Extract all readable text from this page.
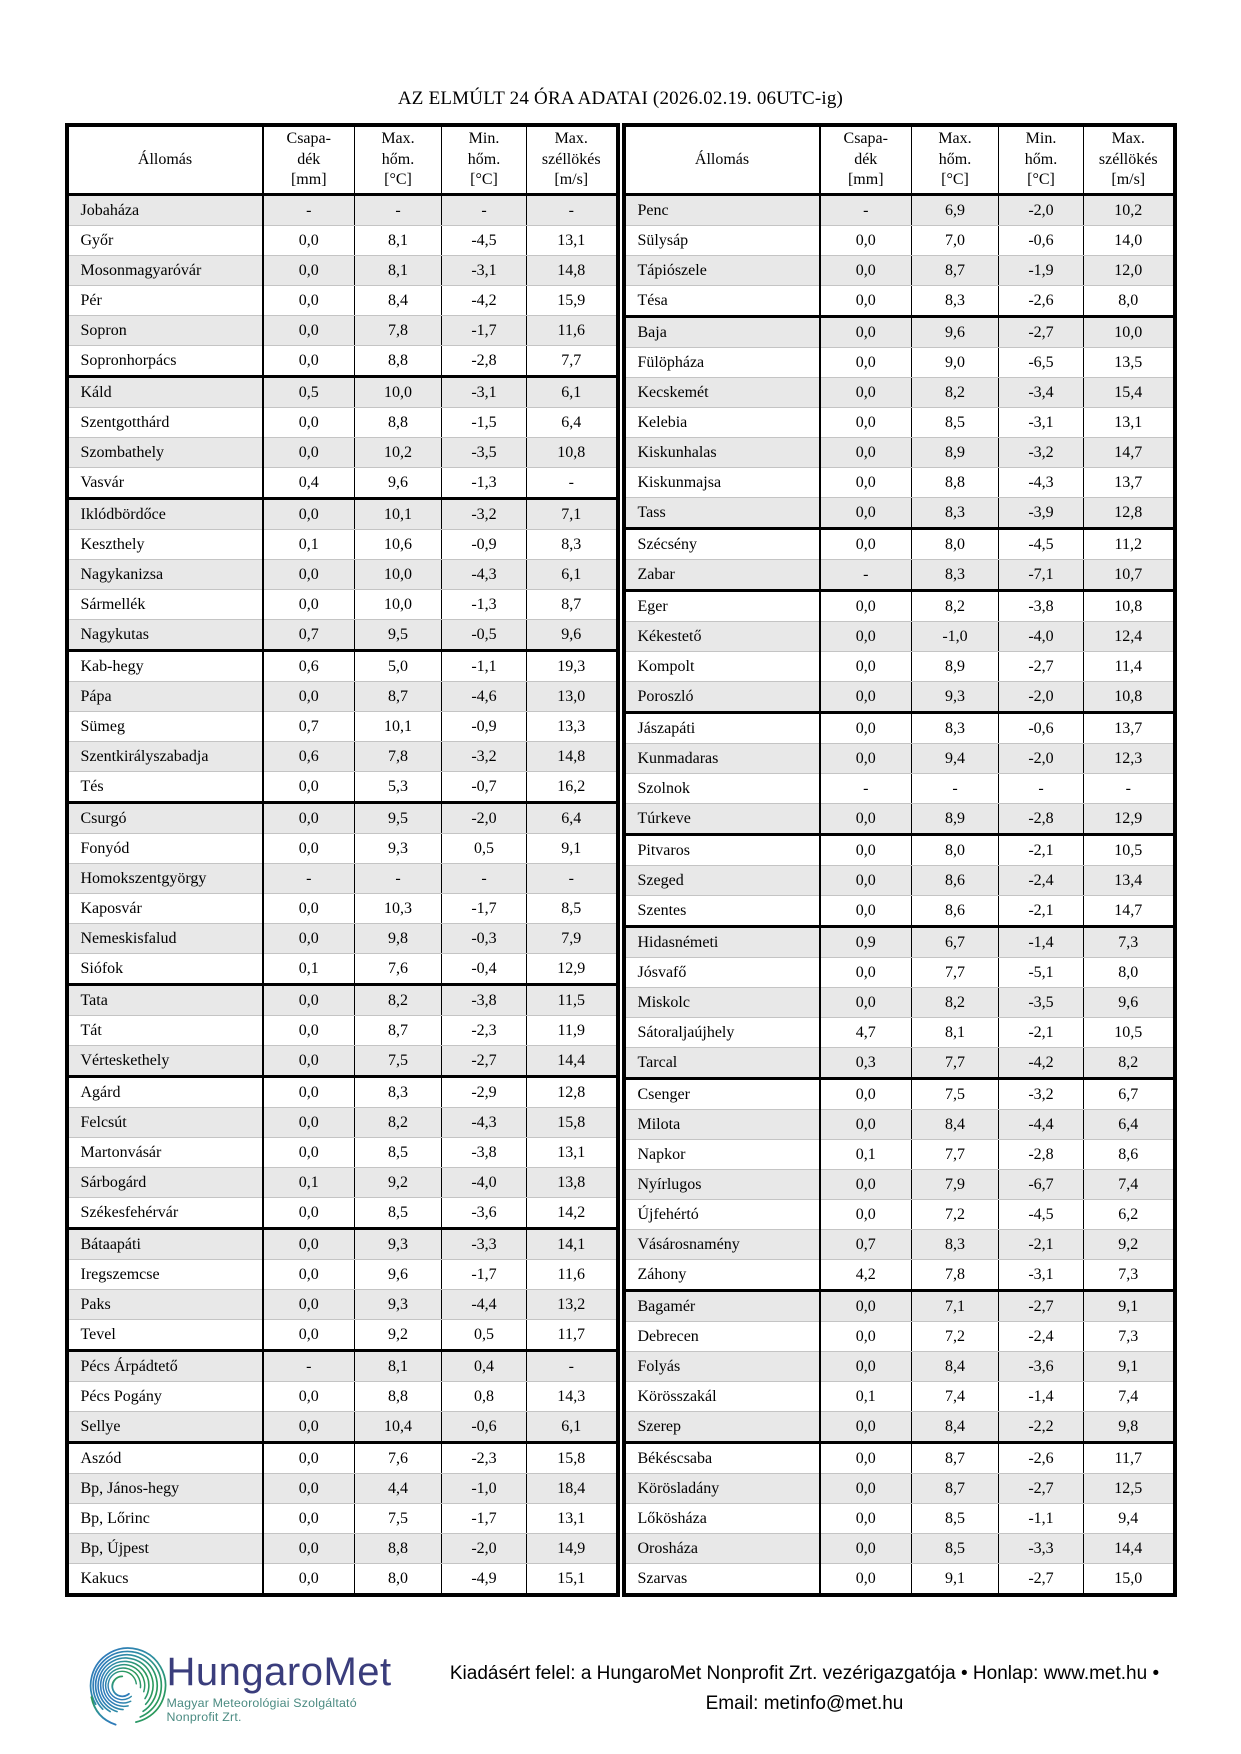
AZ ELMÚLT 24 ÓRA ADATAI (2026.02.19. 06UTC-ig)
Állomás	Csapa-
dék
[mm]	Max.
hőm.
[°C]	Min.
hőm.
[°C]	Max.
széllökés
[m/s]
Jobaháza	-	-	-	-
Győr	0,0	8,1	-4,5	13,1
Mosonmagyaróvár	0,0	8,1	-3,1	14,8
Pér	0,0	8,4	-4,2	15,9
Sopron	0,0	7,8	-1,7	11,6
Sopronhorpács	0,0	8,8	-2,8	7,7
Káld	0,5	10,0	-3,1	6,1
Szentgotthárd	0,0	8,8	-1,5	6,4
Szombathely	0,0	10,2	-3,5	10,8
Vasvár	0,4	9,6	-1,3	-
Iklódbördőce	0,0	10,1	-3,2	7,1
Keszthely	0,1	10,6	-0,9	8,3
Nagykanizsa	0,0	10,0	-4,3	6,1
Sármellék	0,0	10,0	-1,3	8,7
Nagykutas	0,7	9,5	-0,5	9,6
Kab-hegy	0,6	5,0	-1,1	19,3
Pápa	0,0	8,7	-4,6	13,0
Sümeg	0,7	10,1	-0,9	13,3
Szentkirályszabadja	0,6	7,8	-3,2	14,8
Tés	0,0	5,3	-0,7	16,2
Csurgó	0,0	9,5	-2,0	6,4
Fonyód	0,0	9,3	0,5	9,1
Homokszentgyörgy	-	-	-	-
Kaposvár	0,0	10,3	-1,7	8,5
Nemeskisfalud	0,0	9,8	-0,3	7,9
Siófok	0,1	7,6	-0,4	12,9
Tata	0,0	8,2	-3,8	11,5
Tát	0,0	8,7	-2,3	11,9
Vérteskethely	0,0	7,5	-2,7	14,4
Agárd	0,0	8,3	-2,9	12,8
Felcsút	0,0	8,2	-4,3	15,8
Martonvásár	0,0	8,5	-3,8	13,1
Sárbogárd	0,1	9,2	-4,0	13,8
Székesfehérvár	0,0	8,5	-3,6	14,2
Bátaapáti	0,0	9,3	-3,3	14,1
Iregszemcse	0,0	9,6	-1,7	11,6
Paks	0,0	9,3	-4,4	13,2
Tevel	0,0	9,2	0,5	11,7
Pécs Árpádtető	-	8,1	0,4	-
Pécs Pogány	0,0	8,8	0,8	14,3
Sellye	0,0	10,4	-0,6	6,1
Aszód	0,0	7,6	-2,3	15,8
Bp, János-hegy	0,0	4,4	-1,0	18,4
Bp, Lőrinc	0,0	7,5	-1,7	13,1
Bp, Újpest	0,0	8,8	-2,0	14,9
Kakucs	0,0	8,0	-4,9	15,1
Állomás	Csapa-
dék
[mm]	Max.
hőm.
[°C]	Min.
hőm.
[°C]	Max.
széllökés
[m/s]
Penc	-	6,9	-2,0	10,2
Sülysáp	0,0	7,0	-0,6	14,0
Tápiószele	0,0	8,7	-1,9	12,0
Tésa	0,0	8,3	-2,6	8,0
Baja	0,0	9,6	-2,7	10,0
Fülöpháza	0,0	9,0	-6,5	13,5
Kecskemét	0,0	8,2	-3,4	15,4
Kelebia	0,0	8,5	-3,1	13,1
Kiskunhalas	0,0	8,9	-3,2	14,7
Kiskunmajsa	0,0	8,8	-4,3	13,7
Tass	0,0	8,3	-3,9	12,8
Szécsény	0,0	8,0	-4,5	11,2
Zabar	-	8,3	-7,1	10,7
Eger	0,0	8,2	-3,8	10,8
Kékestető	0,0	-1,0	-4,0	12,4
Kompolt	0,0	8,9	-2,7	11,4
Poroszló	0,0	9,3	-2,0	10,8
Jászapáti	0,0	8,3	-0,6	13,7
Kunmadaras	0,0	9,4	-2,0	12,3
Szolnok	-	-	-	-
Túrkeve	0,0	8,9	-2,8	12,9
Pitvaros	0,0	8,0	-2,1	10,5
Szeged	0,0	8,6	-2,4	13,4
Szentes	0,0	8,6	-2,1	14,7
Hidasnémeti	0,9	6,7	-1,4	7,3
Jósvafő	0,0	7,7	-5,1	8,0
Miskolc	0,0	8,2	-3,5	9,6
Sátoraljaújhely	4,7	8,1	-2,1	10,5
Tarcal	0,3	7,7	-4,2	8,2
Csenger	0,0	7,5	-3,2	6,7
Milota	0,0	8,4	-4,4	6,4
Napkor	0,1	7,7	-2,8	8,6
Nyírlugos	0,0	7,9	-6,7	7,4
Újfehértó	0,0	7,2	-4,5	6,2
Vásárosnamény	0,7	8,3	-2,1	9,2
Záhony	4,2	7,8	-3,1	7,3
Bagamér	0,0	7,1	-2,7	9,1
Debrecen	0,0	7,2	-2,4	7,3
Folyás	0,0	8,4	-3,6	9,1
Körösszakál	0,1	7,4	-1,4	7,4
Szerep	0,0	8,4	-2,2	9,8
Békéscsaba	0,0	8,7	-2,6	11,7
Körösladány	0,0	8,7	-2,7	12,5
Lőkösháza	0,0	8,5	-1,1	9,4
Orosháza	0,0	8,5	-3,3	14,4
Szarvas	0,0	9,1	-2,7	15,0
HungaroMet
Magyar Meteorológiai Szolgáltató Nonprofit Zrt.
Kiadásért felel: a HungaroMet Nonprofit Zrt. vezérigazgatója • Honlap: www.met.hu •
Email: metinfo@met.hu
